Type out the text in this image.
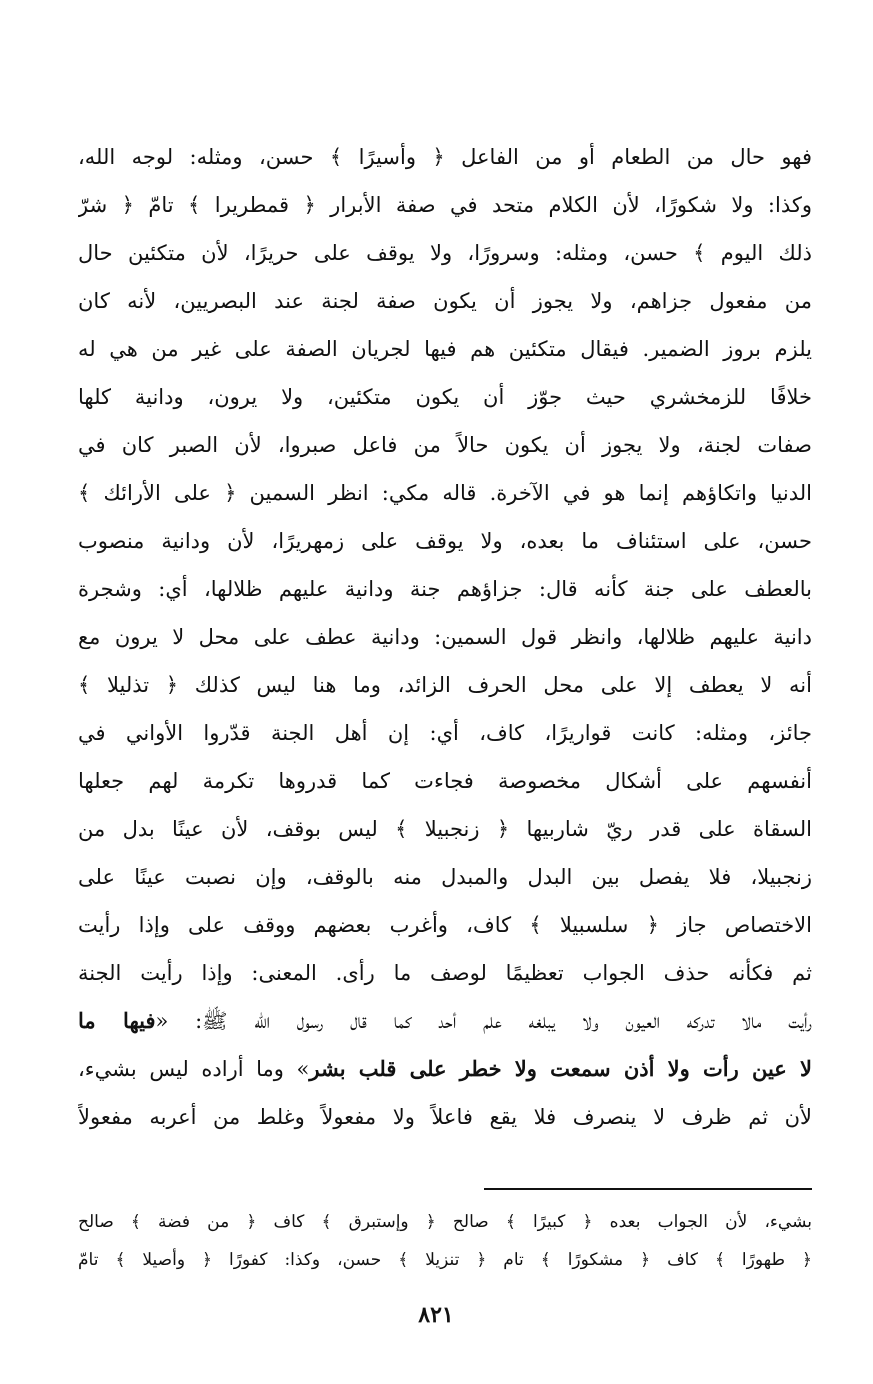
فهو حال من الطعام أو من الفاعل ﴿ وأسيرًا ﴾ حسن، ومثله: لوجه الله،
وكذا: ولا شكورًا، لأن الكلام متحد في صفة الأبرار ﴿ قمطريرا ﴾ تامّ ﴿ شرّ
ذلك اليوم ﴾ حسن، ومثله: وسرورًا، ولا يوقف على حريرًا، لأن متكئين حال
من مفعول جزاهم، ولا يجوز أن يكون صفة لجنة عند البصريين، لأنه كان
يلزم بروز الضمير. فيقال متكئين هم فيها لجريان الصفة على غير من هي له
خلافًا للزمخشري حيث جوّز أن يكون متكئين، ولا يرون، ودانية كلها
صفات لجنة، ولا يجوز أن يكون حالاً من فاعل صبروا، لأن الصبر كان في
الدنيا واتكاؤهم إنما هو في الآخرة. قاله مكي: انظر السمين ﴿ على الأرائك ﴾
حسن، على استئناف ما بعده، ولا يوقف على زمهريرًا، لأن ودانية منصوب
بالعطف على جنة كأنه قال: جزاؤهم جنة ودانية عليهم ظلالها، أي: وشجرة
دانية عليهم ظلالها، وانظر قول السمين: ودانية عطف على محل لا يرون مع
أنه لا يعطف إلا على محل الحرف الزائد، وما هنا ليس كذلك ﴿ تذليلا ﴾
جائز، ومثله: كانت قواريرًا، كاف، أي: إن أهل الجنة قدّروا الأواني في
أنفسهم على أشكال مخصوصة فجاءت كما قدروها تكرمة لهم جعلها
السقاة على قدر ريّ شاربيها ﴿ زنجبيلا ﴾ ليس بوقف، لأن عينًا بدل من
زنجبيلا، فلا يفصل بين البدل والمبدل منه بالوقف، وإن نصبت عينًا على
الاختصاص جاز ﴿ سلسبيلا ﴾ كاف، وأغرب بعضهم ووقف على وإذا رأيت
ثم فكأنه حذف الجواب تعظيمًا لوصف ما رأى. المعنى: وإذا رأيت الجنة
رأيت مالا تدركه العيون ولا يبلغه علم أحد كما قال رسول الله ﷺ: «فيها ما
لا عين رأت ولا أذن سمعت ولا خطر على قلب بشر» وما أراده ليس بشيء،
لأن ثم ظرف لا ينصرف فلا يقع فاعلاً ولا مفعولاً وغلط من أعربه مفعولاً
بشيء، لأن الجواب بعده ﴿ كبيرًا ﴾ صالح ﴿ وإستبرق ﴾ كاف ﴿ من فضة ﴾ صالح
﴿ طهورًا ﴾ كاف ﴿ مشكورًا ﴾ تام ﴿ تنزيلا ﴾ حسن، وكذا: كفورًا ﴿ وأصيلا ﴾ تامّ
٨٢١
